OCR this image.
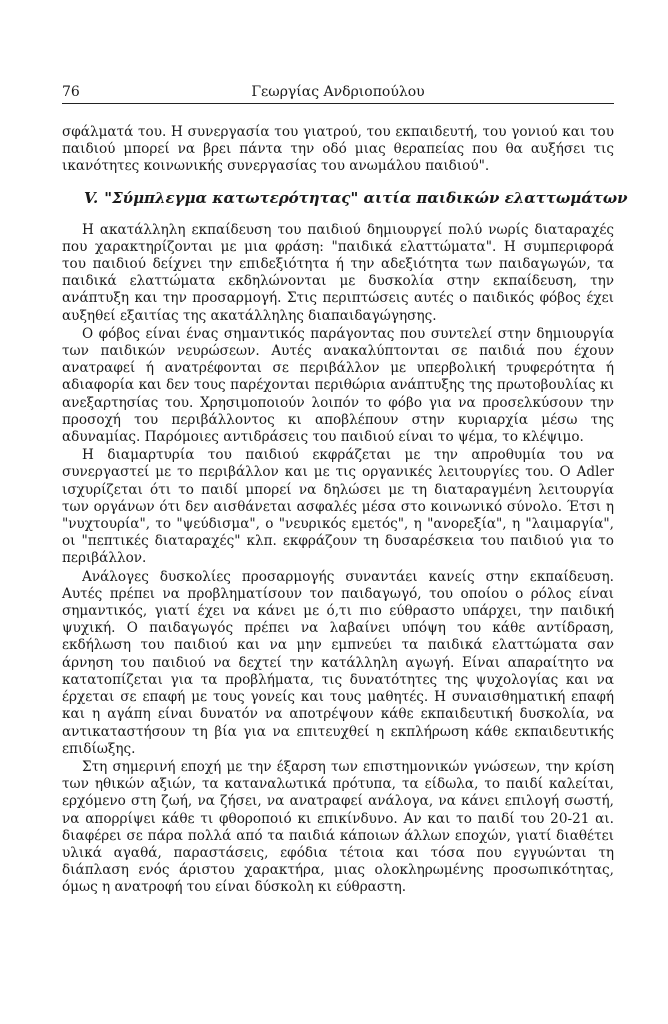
76	Γεωργίας Ανδριοπούλου

σφάλματά του. Η συνεργασία του γιατρού, του εκπαιδευτή, του γονιού και του παιδιού μπορεί να βρει πάντα την οδό μιας θεραπείας που θα αυξήσει τις ικανότητες κοινωνικής συνεργασίας του ανωμάλου παιδιού".

V. "Σύμπλεγμα κατωτερότητας" αιτία παιδικών ελαττωμάτων

Η ακατάλληλη εκπαίδευση του παιδιού δημιουργεί πολύ νωρίς διαταραχές που χαρακτηρίζονται με μια φράση: "παιδικά ελαττώματα". Η συμπεριφορά του παιδιού δείχνει την επιδεξιότητα ή την αδεξιότητα των παιδαγωγών, τα παιδικά ελαττώματα εκδηλώνονται με δυσκολία στην εκπαίδευση, την ανάπτυξη και την προσαρμογή. Στις περιπτώσεις αυτές ο παιδικός φόβος έχει αυξηθεί εξαιτίας της ακατάλληλης διαπαιδαγώγησης.

Ο φόβος είναι ένας σημαντικός παράγοντας που συντελεί στην δημιουργία των παιδικών νευρώσεων. Αυτές ανακαλύπτονται σε παιδιά που έχουν ανατραφεί ή ανατρέφονται σε περιβάλλον με υπερβολική τρυφερότητα ή αδιαφορία και δεν τους παρέχονται περιθώρια ανάπτυξης της πρωτοβουλίας κι ανεξαρτησίας του. Χρησιμοποιούν λοιπόν το φόβο για να προσελκύσουν την προσοχή του περιβάλλοντος κι αποβλέπουν στην κυριαρχία μέσω της αδυναμίας. Παρόμοιες αντιδράσεις του παιδιού είναι το ψέμα, το κλέψιμο.

Η διαμαρτυρία του παιδιού εκφράζεται με την απροθυμία του να συνεργαστεί με το περιβάλλον και με τις οργανικές λειτουργίες του. Ο Adler ισχυρίζεται ότι το παιδί μπορεί να δηλώσει με τη διαταραγμένη λειτουργία των οργάνων ότι δεν αισθάνεται ασφαλές μέσα στο κοινωνικό σύνολο. Έτσι η "νυχτουρία", το "ψεύδισμα", ο "νευρικός εμετός", η "ανορεξία", η "λαιμαργία", οι "πεπτικές διαταραχές" κλπ. εκφράζουν τη δυσαρέσκεια του παιδιού για το περιβάλλον.

Ανάλογες δυσκολίες προσαρμογής συναντάει κανείς στην εκπαίδευση. Αυτές πρέπει να προβληματίσουν τον παιδαγωγό, του οποίου ο ρόλος είναι σημαντικός, γιατί έχει να κάνει με ό,τι πιο εύθραστο υπάρχει, την παιδική ψυχική. Ο παιδαγωγός πρέπει να λαβαίνει υπόψη του κάθε αντίδραση, εκδήλωση του παιδιού και να μην εμπνεύει τα παιδικά ελαττώματα σαν άρνηση του παιδιού να δεχτεί την κατάλληλη αγωγή. Είναι απαραίτητο να κατατοπίζεται για τα προβλήματα, τις δυνατότητες της ψυχολογίας και να έρχεται σε επαφή με τους γονείς και τους μαθητές. Η συναισθηματική επαφή και η αγάπη είναι δυνατόν να αποτρέψουν κάθε εκπαιδευτική δυσκολία, να αντικαταστήσουν τη βία για να επιτευχθεί η εκπλήρωση κάθε εκπαιδευτικής επιδίωξης.

Στη σημερινή εποχή με την έξαρση των επιστημονικών γνώσεων, την κρίση των ηθικών αξιών, τα καταναλωτικά πρότυπα, τα είδωλα, το παιδί καλείται, ερχόμενο στη ζωή, να ζήσει, να ανατραφεί ανάλογα, να κάνει επιλογή σωστή, να απορρίψει κάθε τι φθοροποιό κι επικίνδυνο. Αν και το παιδί του 20-21 αι. διαφέρει σε πάρα πολλά από τα παιδιά κάποιων άλλων εποχών, γιατί διαθέτει υλικά αγαθά, παραστάσεις, εφόδια τέτοια και τόσα που εγγυώνται τη διάπλαση ενός άριστου χαρακτήρα, μιας ολοκληρωμένης προσωπικότητας, όμως η ανατροφή του είναι δύσκολη κι εύθραστη.
